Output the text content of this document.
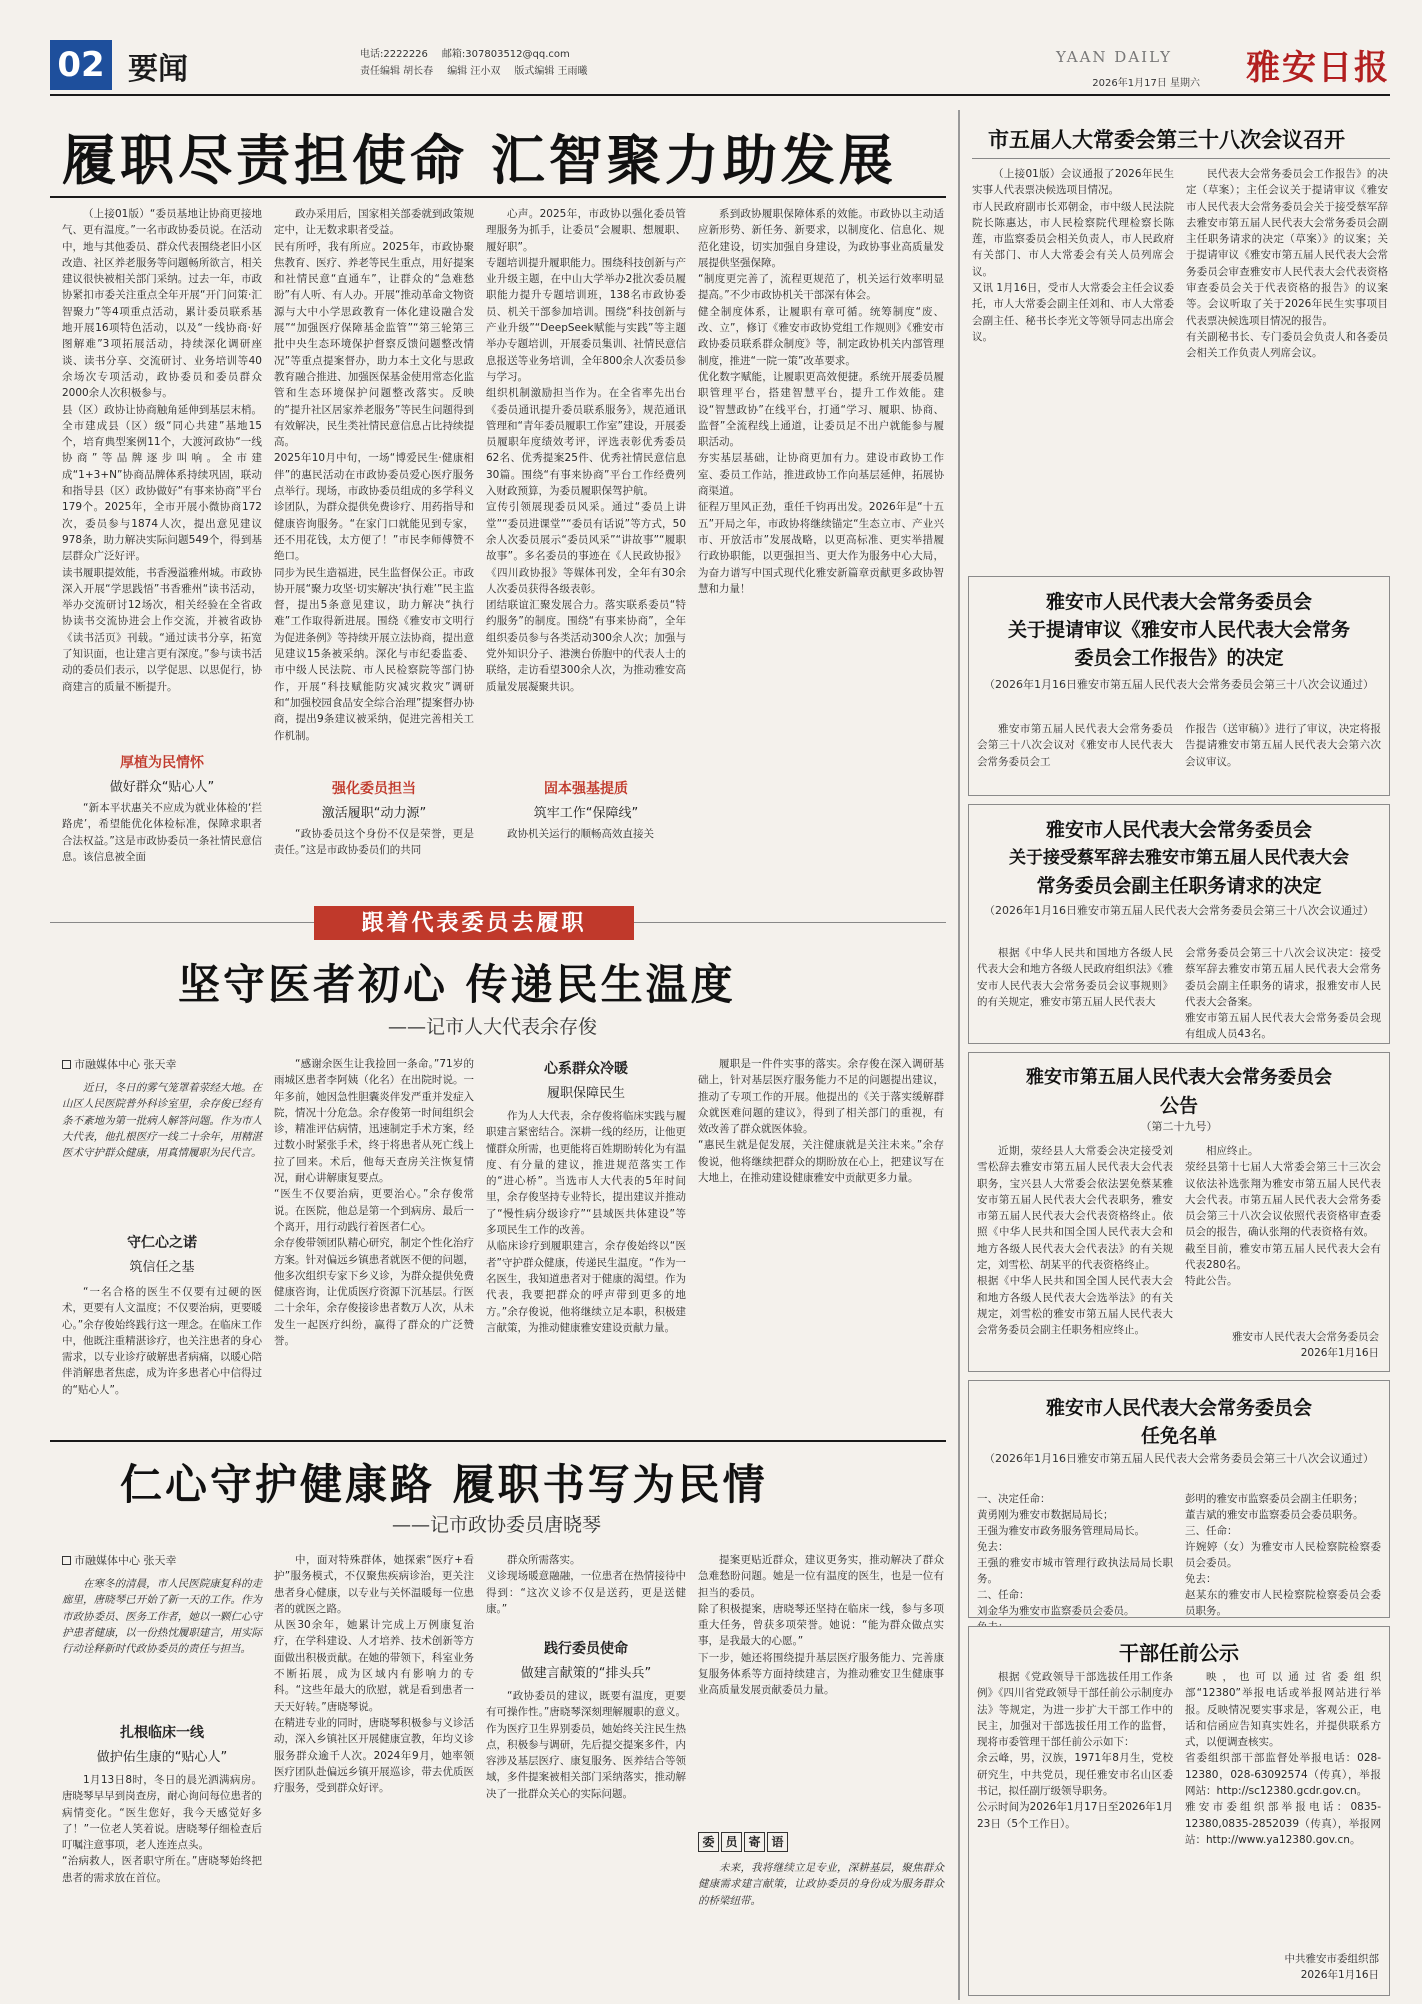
02 要闻	电话:2222226 邮箱:307803512@qq.com
责任编辑 胡长春 编辑 汪小双 版式编辑 王雨曦
YAAN DAILY
2026年1月17日 星期六 雅安日报
履职尽责担使命 汇智聚力助发展
（上接01版）“委员基地让协商更接地气、更有温度。”一名市政协委员说。在活动中，地与其他委员、群众代表围绕老旧小区改造、社区养老服务等问题畅所欲言，相关建议很快被相关部门采纳。过去一年，市政协紧扣市委关注重点全年开展“开门问策·汇智聚力”等4项重点活动，累计委员联系基地开展16项特色活动，以及“一线协商·好图解难”3项拓展活动，持续深化调研座谈、读书分享、交流研讨、业务培训等40余场次专项活动，政协委员和委员群众2000余人次积极参与。
县（区）政协让协商触角延伸到基层末梢。全市建成县（区）级“同心共建”基地15个，培育典型案例11个，大渡河政协“一线协商”等品牌逐步叫响。全市建成“1+3+N”协商品牌体系持续巩固，联动和指导县（区）政协做好“有事来协商”平台179个。2025年，全市开展小微协商172次，委员参与1874人次，提出意见建议978条，助力解决实际问题549个，得到基层群众广泛好评。
读书履职提效能，书香漫溢雅州城。市政协深入开展“学思践悟”书香雅州“读书活动，举办交流研讨12场次，相关经验在全省政协读书交流协进会上作交流，并被省政协《读书活页》刊载。“通过读书分享，拓宽了知识面，也让建言更有深度。”参与读书活动的委员们表示，以学促思、以思促行，协商建言的质量不断提升。
厚植为民情怀
做好群众“贴心人”
“新本平状惠关不应成为就业体检的‘拦路虎’，希望能优化体检标准，保障求职者合法权益。”这是市政协委员一条社情民意信息。该信息被全面
政办采用后，国家相关部委就到政策规定中，让无数求职者受益。
民有所呼，我有所应。2025年，市政协聚焦教育、医疗、养老等民生重点，用好提案和社情民意“直通车”，让群众的“急难愁盼”有人听、有人办。开展“推动革命文物资源与大中小学思政教育一体化建设融合发展”“加强医疗保障基金监管”“第三轮第三批中央生态环境保护督察反馈问题整改情况”等重点提案督办，助力本土文化与思政教育融合推进、加强医保基金使用常态化监管和生态环境保护问题整改落实。反映的“提升社区居家养老服务”等民生问题得到有效解决，民生类社情民意信息占比持续提高。
2025年10月中旬，一场“博爱民生·健康相伴”的惠民活动在市政协委员爱心医疗服务点举行。现场，市政协委员组成的多学科义诊团队，为群众提供免费诊疗、用药指导和健康咨询服务。“在家门口就能见到专家，还不用花钱，太方便了！”市民李师傅赞不绝口。
同步为民生造福进，民生监督保公正。市政协开展“聚力攻坚·切实解决‘执行难’”民主监督，提出5条意见建议，助力解决“执行难”工作取得新进展。围绕《雅安市文明行为促进条例》等持续开展立法协商，提出意见建议15条被采纳。深化与市纪委监委、市中级人民法院、市人民检察院等部门协作，开展“科技赋能防灾减灾救灾”调研和“加强校园食品安全综合治理”提案督办协商，提出9条建议被采纳，促进完善相关工作机制。
强化委员担当
激活履职“动力源”
“政协委员这个身份不仅是荣誉，更是责任。”这是市政协委员们的共同
心声。2025年，市政协以强化委员管理服务为抓手，让委员“会履职、想履职、履好职”。
专题培训提升履职能力。围绕科技创新与产业升级主题，在中山大学举办2批次委员履职能力提升专题培训班，138名市政协委员、机关干部参加培训。围绕“科技创新与产业升级”“DeepSeek赋能与实践”等主题举办专题培训，开展委员集训、社情民意信息报送等业务培训，全年800余人次委员参与学习。
组织机制激励担当作为。在全省率先出台《委员通讯提升委员联系服务》，规范通讯管理和“青年委员履职工作室”建设，开展委员履职年度绩效考评，评选表彰优秀委员62名、优秀提案25件、优秀社情民意信息30篇。围绕“有事来协商”平台工作经费列入财政预算，为委员履职保驾护航。
宣传引领展现委员风采。通过“委员上讲堂”“委员进课堂”“委员有话说”等方式，50余人次委员展示“委员风采”“讲故事”“履职故事”。多名委员的事迹在《人民政协报》《四川政协报》等媒体刊发，全年有30余人次委员获得各级表彰。
团结联谊汇聚发展合力。落实联系委员“特约服务”的制度。围绕“有事来协商”，全年组织委员参与各类活动300余人次；加强与党外知识分子、港澳台侨胞中的代表人士的联络，走访看望300余人次，为推动雅安高质量发展凝聚共识。
固本强基提质
筑牢工作“保障线”
政协机关运行的顺畅高效直接关
系到政协履职保障体系的效能。市政协以主动适应新形势、新任务、新要求，以制度化、信息化、规范化建设，切实加强自身建设，为政协事业高质量发展提供坚强保障。
“制度更完善了，流程更规范了，机关运行效率明显提高。”不少市政协机关干部深有体会。
健全制度体系，让履职有章可循。统筹制度“废、改、立”，修订《雅安市政协党组工作规则》《雅安市政协委员联系群众制度》等，制定政协机关内部管理制度，推进“一院一策”改革要求。
优化数字赋能，让履职更高效便捷。系统开展委员履职管理平台，搭建智慧平台，提升工作效能。建设“智慧政协”在线平台，打通“学习、履职、协商、监督”全流程线上通道，让委员足不出户就能参与履职活动。
夯实基层基础，让协商更加有力。建设市政协工作室、委员工作站，推进政协工作向基层延伸，拓展协商渠道。
征程万里风正劲，重任千钧再出发。2026年是“十五五”开局之年，市政协将继续锚定“生态立市、产业兴市、开放活市”发展战略，以更高标准、更实举措履行政协职能，以更强担当、更大作为服务中心大局，为奋力谱写中国式现代化雅安新篇章贡献更多政协智慧和力量！
跟着代表委员去履职
坚守医者初心 传递民生温度
——记市人大代表余存俊
市融媒体中心 张天幸
近日，冬日的雾气笼罩着荥经大地。在山区人民医院普外科诊室里，余存俊已经有条不紊地为第一批病人解答问题。作为市人大代表，他扎根医疗一线二十余年，用精湛医术守护群众健康，用真情履职为民代言。
守仁心之诺
筑信任之基
“一名合格的医生不仅要有过硬的医术，更要有人文温度；不仅要治病，更要暖心。”余存俊始终践行这一理念。在临床工作中，他既注重精湛诊疗，也关注患者的身心需求，以专业诊疗破解患者病痛，以暖心陪伴消解患者焦虑，成为许多患者心中信得过的“贴心人”。
“感谢余医生让我捡回一条命。”71岁的雨城区患者李阿姨（化名）在出院时说。一年多前，她因急性胆囊炎伴发严重并发症入院，情况十分危急。余存俊第一时间组织会诊，精准评估病情，迅速制定手术方案，经过数小时紧张手术，终于将患者从死亡线上拉了回来。术后，他每天查房关注恢复情况，耐心讲解康复要点。
“医生不仅要治病，更要治心。”余存俊常说。在医院，他总是第一个到病房、最后一个离开，用行动践行着医者仁心。
余存俊带领团队精心研究，制定个性化治疗方案。针对偏远乡镇患者就医不便的问题，他多次组织专家下乡义诊，为群众提供免费健康咨询，让优质医疗资源下沉基层。行医二十余年，余存俊接诊患者数万人次，从未发生一起医疗纠纷，赢得了群众的广泛赞誉。
心系群众冷暖
履职保障民生
作为人大代表，余存俊将临床实践与履职建言紧密结合。深耕一线的经历，让他更懂群众所需，也更能将百姓期盼转化为有温度、有分量的建议，推进规范落实工作的“进心桥”。当选市人大代表的5年时间里，余存俊坚持专业特长，提出建议并推动了“慢性病分级诊疗”“县域医共体建设”等多项民生工作的改善。
从临床诊疗到履职建言，余存俊始终以“医者”守护群众健康，传递民生温度。“作为一名医生，我知道患者对于健康的渴望。作为代表，我要把群众的呼声带到更多的地方。”余存俊说，他将继续立足本职，积极建言献策，为推动健康雅安建设贡献力量。
履职是一件件实事的落实。余存俊在深入调研基础上，针对基层医疗服务能力不足的问题提出建议，推动了专项工作的开展。他提出的《关于落实缓解群众就医难问题的建议》，得到了相关部门的重视，有效改善了群众就医体验。
“惠民生就是促发展，关注健康就是关注未来。”余存俊说，他将继续把群众的期盼放在心上，把建议写在大地上，在推动建设健康雅安中贡献更多力量。
仁心守护健康路 履职书写为民情
——记市政协委员唐晓琴
市融媒体中心 张天幸
在寒冬的清晨，市人民医院康复科的走廊里，唐晓琴已开始了新一天的工作。作为市政协委员、医务工作者，她以一颗仁心守护患者健康，以一份热忱履职建言，用实际行动诠释新时代政协委员的责任与担当。
扎根临床一线
做护佑生康的“贴心人”
1月13日8时，冬日的晨光洒满病房。唐晓琴早早到岗查房，耐心询问每位患者的病情变化。“医生您好，我今天感觉好多了！”一位老人笑着说。唐晓琴仔细检查后叮嘱注意事项，老人连连点头。
“治病救人，医者职守所在。”唐晓琴始终把患者的需求放在首位。
中，面对特殊群体，她探索“医疗+看护”服务模式，不仅聚焦疾病诊治，更关注患者身心健康，以专业与关怀温暖每一位患者的就医之路。
从医30余年，她累计完成上万例康复治疗，在学科建设、人才培养、技术创新等方面做出积极贡献。在她的带领下，科室业务不断拓展，成为区域内有影响力的专科。“这些年最大的欣慰，就是看到患者一天天好转。”唐晓琴说。
在精进专业的同时，唐晓琴积极参与义诊活动，深入乡镇社区开展健康宣教，年均义诊服务群众逾千人次。2024年9月，她率领医疗团队赴偏远乡镇开展巡诊，带去优质医疗服务，受到群众好评。
群众所需落实。
义诊现场暖意融融，一位患者在热情接待中得到：“这次义诊不仅是送药，更是送健康。”
践行委员使命
做建言献策的“排头兵”
“政协委员的建议，既要有温度，更要有可操作性。”唐晓琴深刻理解履职的意义。作为医疗卫生界别委员，她始终关注民生热点，积极参与调研，先后提交提案多件，内容涉及基层医疗、康复服务、医养结合等领域，多件提案被相关部门采纳落实，推动解决了一批群众关心的实际问题。
提案更贴近群众，建议更务实，推动解决了群众急难愁盼问题。她是一位有温度的医生，也是一位有担当的委员。
除了积极提案，唐晓琴还坚持在临床一线，参与多项重大任务，曾获多项荣誉。她说：“能为群众做点实事，是我最大的心愿。”
下一步，她还将围绕提升基层医疗服务能力、完善康复服务体系等方面持续建言，为推动雅安卫生健康事业高质量发展贡献委员力量。
委 员 寄 语
未来，我将继续立足专业，深耕基层，聚焦群众健康需求建言献策，让政协委员的身份成为服务群众的桥梁纽带。
市五届人大常委会第三十八次会议召开
（上接01版）会议通报了2026年民生实事人代表票决候选项目情况。
市人民政府副市长邓朝金，市中级人民法院院长陈惠达，市人民检察院代理检察长陈莲，市监察委员会相关负责人，市人民政府有关部门、市人大常委会有关人员列席会议。
又讯 1月16日，受市人大常委会主任会议委托，市人大常委会副主任刘和、市人大常委会副主任、秘书长李光文等领导同志出席会议。
民代表大会常务委员会工作报告》的决定（草案）；主任会议关于提请审议《雅安市人民代表大会常务委员会关于接受蔡军辞去雅安市第五届人民代表大会常务委员会副主任职务请求的决定（草案）》的议案；关于提请审议《雅安市第五届人民代表大会常务委员会审查雅安市人民代表大会代表资格审查委员会关于代表资格的报告》的议案等。会议听取了关于2026年民生实事项目代表票决候选项目情况的报告。
有关副秘书长、专门委员会负责人和各委员会相关工作负责人列席会议。
雅安市人民代表大会常务委员会
关于提请审议《雅安市人民代表大会常务
委员会工作报告》的决定
（2026年1月16日雅安市第五届人民代表大会常务委员会第三十八次会议通过）
雅安市第五届人民代表大会常务委员会第三十八次会议对《雅安市人民代表大会常务委员会工
作报告（送审稿）》进行了审议，决定将报告提请雅安市第五届人民代表大会第六次会议审议。
雅安市人民代表大会常务委员会
关于接受蔡军辞去雅安市第五届人民代表大会
常务委员会副主任职务请求的决定
（2026年1月16日雅安市第五届人民代表大会常务委员会第三十八次会议通过）
根据《中华人民共和国地方各级人民代表大会和地方各级人民政府组织法》《雅安市人民代表大会常务委员会议事规则》的有关规定，雅安市第五届人民代表大
会常务委员会第三十八次会议决定：接受蔡军辞去雅安市第五届人民代表大会常务委员会副主任职务的请求，报雅安市人民代表大会备案。
雅安市第五届人民代表大会常务委员会现有组成人员43名。
雅安市第五届人民代表大会常务委员会
公告
（第二十九号）
近期，荥经县人大常委会决定接受刘雪松辞去雅安市第五届人民代表大会代表职务，宝兴县人大常委会依法罢免蔡某雅安市第五届人民代表大会代表职务，雅安市第五届人民代表大会代表资格终止。依照《中华人民共和国全国人民代表大会和地方各级人民代表大会代表法》的有关规定，刘雪松、胡某平的代表资格终止。
根据《中华人民共和国全国人民代表大会和地方各级人民代表大会选举法》的有关规定，刘雪松的雅安市第五届人民代表大会常务委员会副主任职务相应终止。
相应终止。
荥经县第十七届人大常委会第三十三次会议依法补选张翔为雅安市第五届人民代表大会代表。市第五届人民代表大会常务委员会第三十八次会议依照代表资格审查委员会的报告，确认张翔的代表资格有效。
截至目前，雅安市第五届人民代表大会有代表280名。
特此公告。
雅安市人民代表大会常务委员会
2026年1月16日
雅安市人民代表大会常务委员会
任免名单
（2026年1月16日雅安市第五届人民代表大会常务委员会第三十八次会议通过）
一、决定任命：
黄勇刚为雅安市数据局局长；
王强为雅安市政务服务管理局局长。
免去：
王强的雅安市城市管理行政执法局局长职务。
二、任命：
刘金华为雅安市监察委员会委员。

彭明的雅安市监察委员会副主任职务；
董吉斌的雅安市监察委员会委员职务。
三、任命：
许婉婷（女）为雅安市人民检察院检察委员会委员。
免去：
赵某东的雅安市人民检察院检察委员会委员职务。
干部任前公示
根据《党政领导干部选拔任用工作条例》《四川省党政领导干部任前公示制度办法》等规定，为进一步扩大干部工作中的民主，加强对干部选拔任用工作的监督，现将市委管理干部任前公示如下：
余云峰，男，汉族，1971年8月生，党校研究生，中共党员，现任雅安市名山区委书记，拟任副厅级领导职务。
公示时间为2026年1月17日至2026年1月23日（5个工作日）。
映，也可以通过省委组织部“12380”举报电话或举报网站进行举报。反映情况要实事求是，客观公正，电话和信函应告知真实姓名，并提供联系方式，以便调查核实。
省委组织部干部监督处举报电话：028-12380，028-63092574（传真），举报网站：http://sc12380.gcdr.gov.cn。
雅安市委组织部举报电话：0835-12380,0835-2852039（传真），举报网站：http://www.ya12380.gov.cn。
中共雅安市委组织部
2026年1月16日
